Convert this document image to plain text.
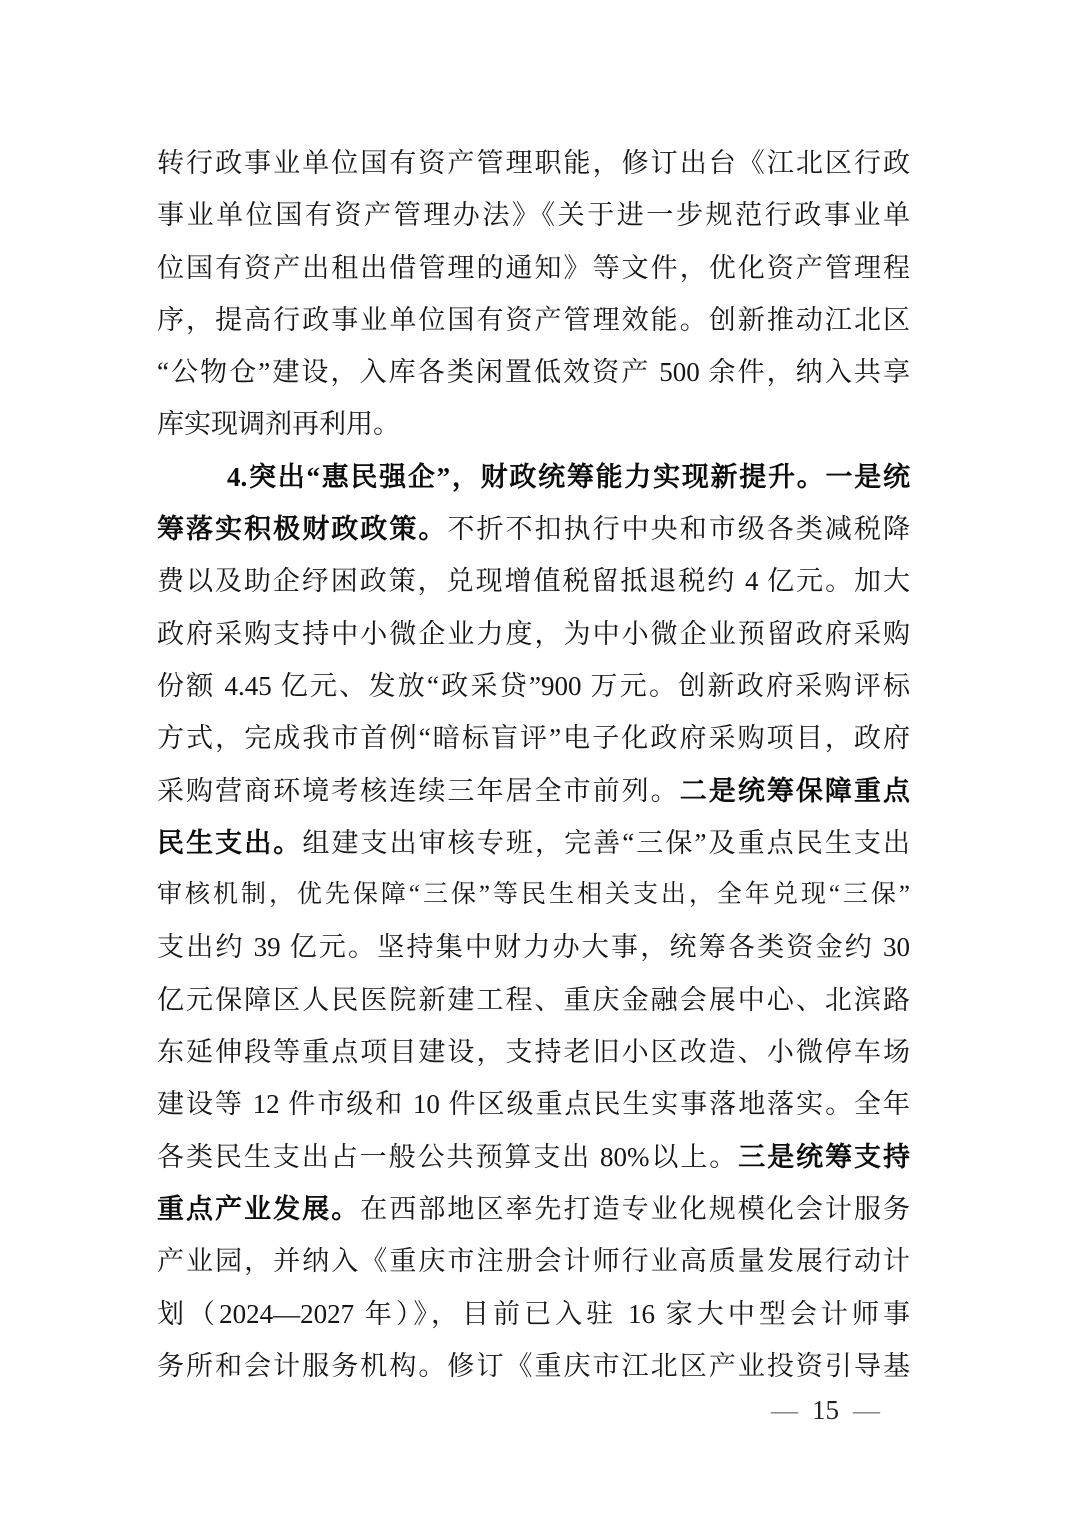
转行政事业单位国有资产管理职能，修订出台《江北区行政
事业单位国有资产管理办法》《关于进一步规范行政事业单
位国有资产出租出借管理的通知》等文件，优化资产管理程
序，提高行政事业单位国有资产管理效能。创新推动江北区
“公物仓”建设，入库各类闲置低效资产 500 余件，纳入共享
库实现调剂再利用。
4.突出“惠民强企”，财政统筹能力实现新提升。一是统
筹落实积极财政政策。不折不扣执行中央和市级各类减税降
费以及助企纾困政策，兑现增值税留抵退税约 4 亿元。加大
政府采购支持中小微企业力度，为中小微企业预留政府采购
份额 4.45 亿元、发放“政采贷”900 万元。创新政府采购评标
方式，完成我市首例“暗标盲评”电子化政府采购项目，政府
采购营商环境考核连续三年居全市前列。二是统筹保障重点
民生支出。组建支出审核专班，完善“三保”及重点民生支出
审核机制，优先保障“三保”等民生相关支出，全年兑现“三保”
支出约 39 亿元。坚持集中财力办大事，统筹各类资金约 30
亿元保障区人民医院新建工程、重庆金融会展中心、北滨路
东延伸段等重点项目建设，支持老旧小区改造、小微停车场
建设等 12 件市级和 10 件区级重点民生实事落地落实。全年
各类民生支出占一般公共预算支出 80%以上。三是统筹支持
重点产业发展。在西部地区率先打造专业化规模化会计服务
产业园，并纳入《重庆市注册会计师行业高质量发展行动计
划（2024—2027 年）》，目前已入驻 16 家大中型会计师事
务所和会计服务机构。修订《重庆市江北区产业投资引导基
— 15 —
